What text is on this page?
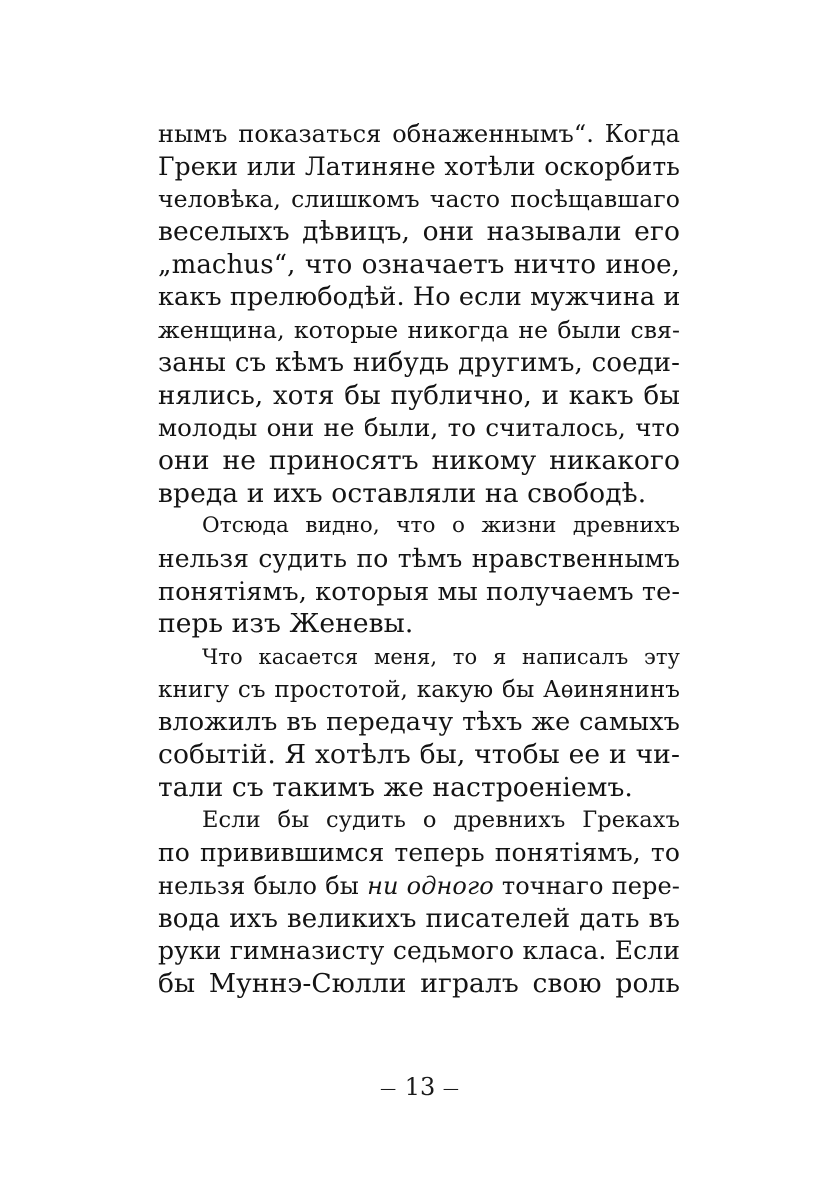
нымъ показаться обнаженнымъ“. Когда
Греки или Латиняне хотѣли оскорбить
человѣка, слишкомъ часто посѣщавшаго
веселыхъ дѣвицъ, они называли его
„machus“, что означаетъ ничто иное,
какъ прелюбодѣй. Но если мужчина и
женщина, которые никогда не были свя-
заны съ кѣмъ нибудь другимъ, соеди-
нялись, хотя бы публично, и какъ бы
молоды они не были, то считалось, что
они не приносятъ никому никакого
вреда и ихъ оставляли на свободѣ.
Отсюда видно, что о жизни древнихъ
нельзя судить по тѣмъ нравственнымъ
понятіямъ, которыя мы получаемъ те-
перь изъ Женевы.
Что касается меня, то я написалъ эту
книгу съ простотой, какую бы Аѳинянинъ
вложилъ въ передачу тѣхъ же самыхъ
событій. Я хотѣлъ бы, чтобы ее и чи-
тали съ такимъ же настроеніемъ.
Если бы судить о древнихъ Грекахъ
по привившимся теперь понятіямъ, то
нельзя было бы ни одного точнаго пере-
вода ихъ великихъ писателей дать въ
руки гимназисту седьмого класа. Если
бы Муннэ-Сюлли игралъ свою роль
— 13 —
